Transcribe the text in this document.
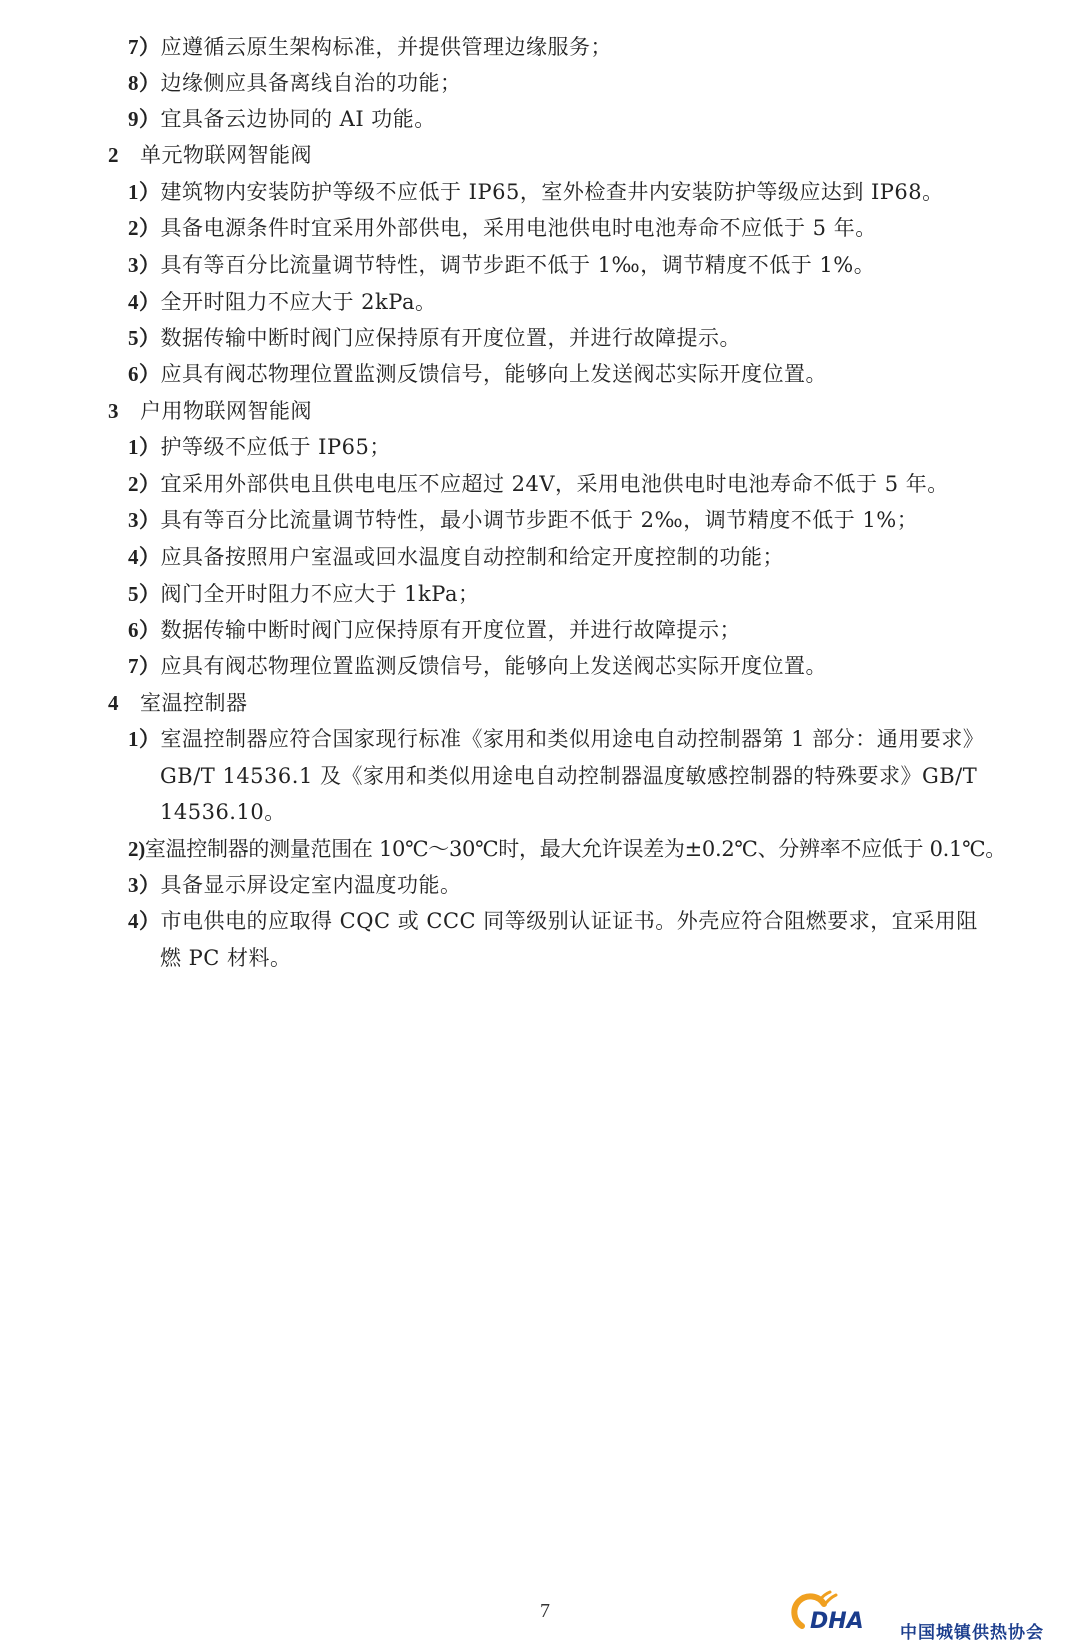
7）应遵循云原生架构标准，并提供管理边缘服务；
8）边缘侧应具备离线自治的功能；
9）宜具备云边协同的 AI 功能。
2 单元物联网智能阀
1）建筑物内安装防护等级不应低于 IP65，室外检查井内安装防护等级应达到 IP68。
2）具备电源条件时宜采用外部供电，采用电池供电时电池寿命不应低于 5 年。
3）具有等百分比流量调节特性，调节步距不低于 1‰，调节精度不低于 1%。
4）全开时阻力不应大于 2kPa。
5）数据传输中断时阀门应保持原有开度位置，并进行故障提示。
6）应具有阀芯物理位置监测反馈信号，能够向上发送阀芯实际开度位置。
3 户用物联网智能阀
1）护等级不应低于 IP65；
2）宜采用外部供电且供电电压不应超过 24V，采用电池供电时电池寿命不低于 5 年。
3）具有等百分比流量调节特性，最小调节步距不低于 2‰，调节精度不低于 1%；
4）应具备按照用户室温或回水温度自动控制和给定开度控制的功能；
5）阀门全开时阻力不应大于 1kPa；
6）数据传输中断时阀门应保持原有开度位置，并进行故障提示；
7）应具有阀芯物理位置监测反馈信号，能够向上发送阀芯实际开度位置。
4 室温控制器
1）室温控制器应符合国家现行标准《家用和类似用途电自动控制器第 1 部分：通用要求》
GB/T 14536.1 及《家用和类似用途电自动控制器温度敏感控制器的特殊要求》GB/T
14536.10。
2)室温控制器的测量范围在 10℃～30℃时，最大允许误差为±0.2℃、分辨率不应低于 0.1℃。
3）具备显示屏设定室内温度功能。
4）市电供电的应取得 CQC 或 CCC 同等级别认证证书。外壳应符合阻燃要求，宜采用阻
燃 PC 材料。
7	DHA 中国城镇供热协会
